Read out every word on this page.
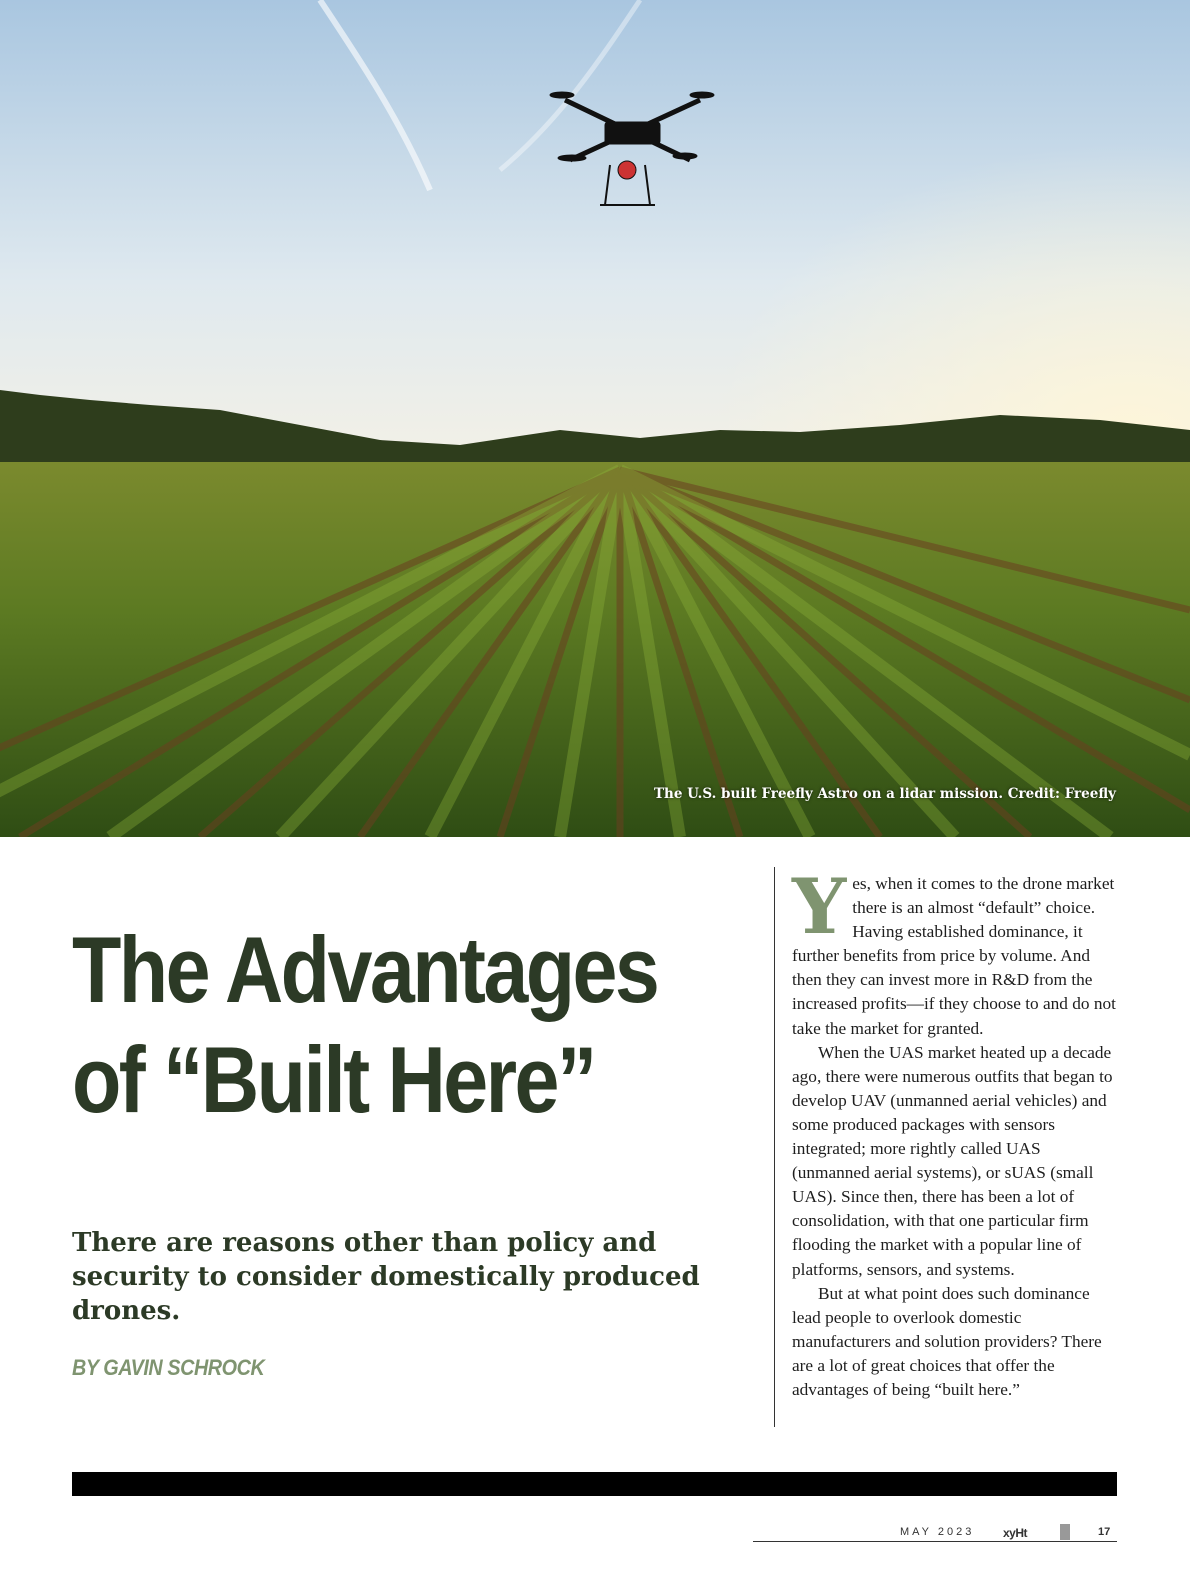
The U.S. built Freefly Astro on a lidar mission. Credit: Freefly
The Advantages
of “Built Here”
There are reasons other than policy and security to consider domestically produced drones.
BY GAVIN SCHROCK

Yes, when it comes to the drone market there is an almost “default” choice. Having established dominance, it further benefits from price by volume. And then they can invest more in R&D from the increased profits—if they choose to and do not take the market for granted.

When the UAS market heated up a decade ago, there were numerous outfits that began to develop UAV (unmanned aerial vehicles) and some produced packages with sensors integrated; more rightly called UAS (unmanned aerial systems), or sUAS (small UAS). Since then, there has been a lot of consolidation, with that one particular firm flooding the market with a popular line of platforms, sensors, and systems.

But at what point does such dominance lead people to overlook domestic manufacturers and solution providers? There are a lot of great choices that offer the advantages of being “built here.”

MAY 2023 xyHt	17
